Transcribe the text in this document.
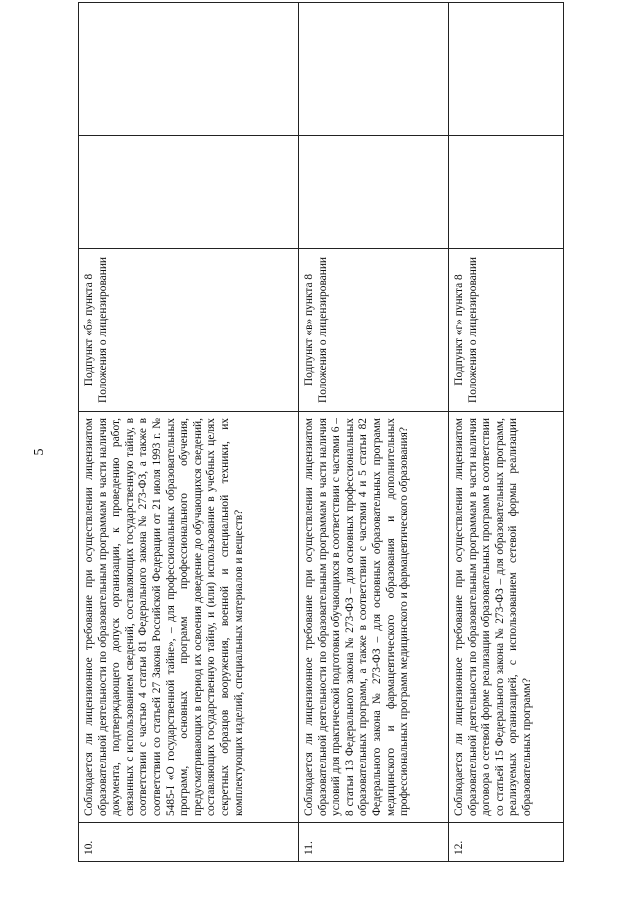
5
10.	Соблюдается ли лицензионное требование при осуществлении лицензиатом образовательной деятельности по образовательным программам в части наличия документа, подтверждающего допуск организации, к проведению работ, связанных с использованием сведений, составляющих государственную тайну, в соответствии с частью 4 статьи 81 Федерального закона № 273-ФЗ, а также в соответствии со статьей 27 Закона Российской Федерации от 21 июля 1993 г. № 5485-I «О государственной тайне», – для профессиональных образовательных программ, основных программ профессионального обучения, предусматривающих в период их освоения доведение до обучающихся сведений, составляющих государственную тайну, и (или) использование в учебных целях секретных образцов вооружения, военной и специальной техники, их комплектующих изделий, специальных материалов и веществ?	Подпункт «б» пункта 8 Положения о лицензировании		
11.	Соблюдается ли лицензионное требование при осуществлении лицензиатом образовательной деятельности по образовательным программам в части наличия условий для практической подготовки обучающихся в соответствии с частями 6 – 8 статьи 13 Федерального закона № 273-ФЗ – для основных профессиональных образовательных программ, а также в соответствии с частями 4 и 5 статьи 82 Федерального закона № 273-ФЗ – для основных образовательных программ медицинского и фармацевтического образования и дополнительных профессиональных программ медицинского и фармацевтического образования?	Подпункт «в» пункта 8 Положения о лицензировании		
12.	Соблюдается ли лицензионное требование при осуществлении лицензиатом образовательной деятельности по образовательным программам в части наличия договора о сетевой форме реализации образовательных программ в соответствии со статьей 15 Федерального закона № 273-ФЗ – для образовательных программ, реализуемых организацией, с использованием сетевой формы реализации образовательных программ?	Подпункт «г» пункта 8 Положения о лицензировании		
